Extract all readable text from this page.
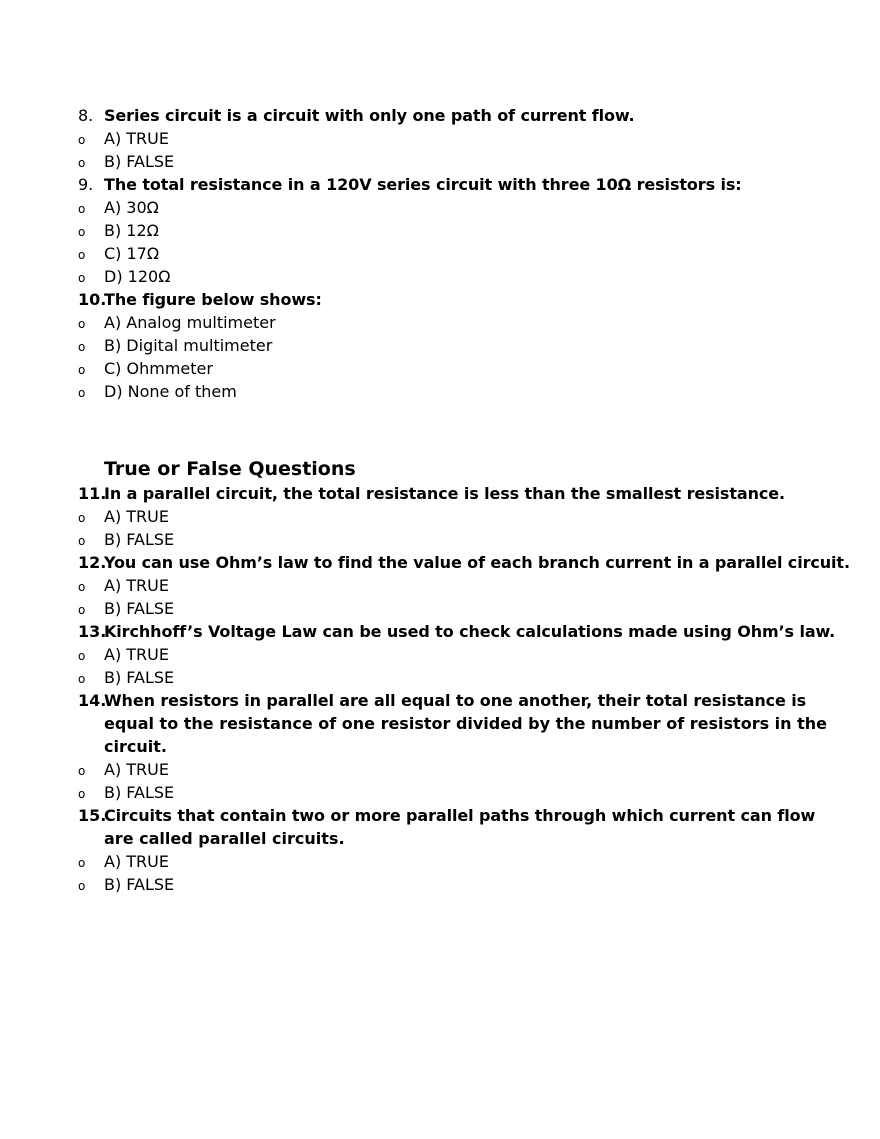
8. Series circuit is a circuit with only one path of current flow.
o A) TRUE
o B) FALSE
9. The total resistance in a 120V series circuit with three 10Ω resistors is:
o A) 30Ω
o B) 12Ω
o C) 17Ω
o D) 120Ω
10.
The figure below shows:
o A) Analog multimeter
o B) Digital multimeter
o C) Ohmmeter
o D) None of them
True or False Questions
11.
In a parallel circuit, the total resistance is less than the smallest resistance.
o A) TRUE
o B) FALSE
12.
You can use Ohm’s law to find the value of each branch current in a parallel circuit.
o A) TRUE
o B) FALSE
13.
Kirchhoff’s Voltage Law can be used to check calculations made using Ohm’s law.
o A) TRUE
o B) FALSE
14.
When resistors in parallel are all equal to one another, their total resistance is
equal to the resistance of one resistor divided by the number of resistors in the
circuit.
o A) TRUE
o B) FALSE
15.
Circuits that contain two or more parallel paths through which current can flow
are called parallel circuits.
o A) TRUE
o B) FALSE
